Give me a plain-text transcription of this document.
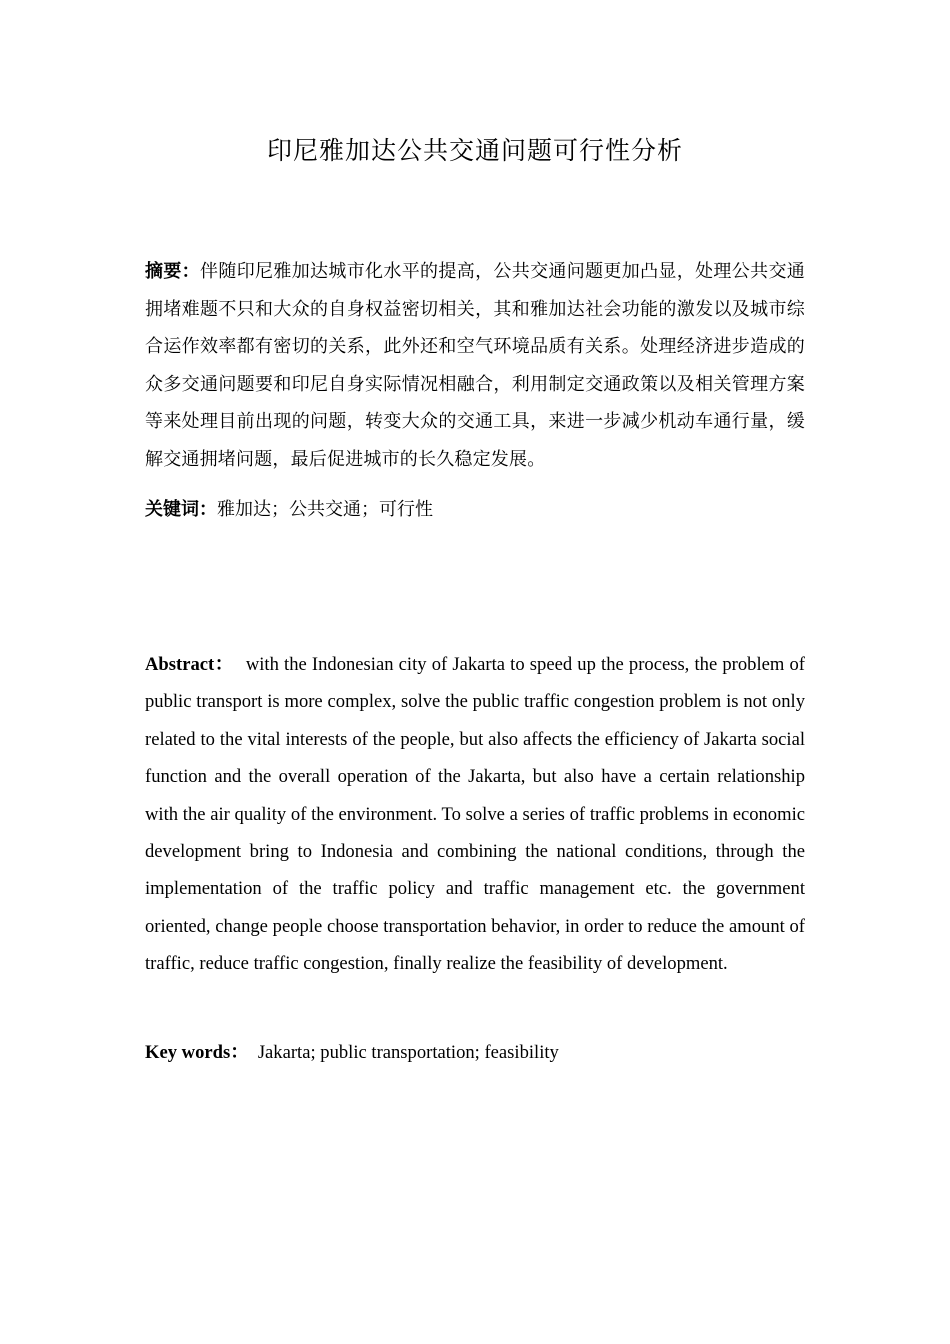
印尼雅加达公共交通问题可行性分析
摘要：伴随印尼雅加达城市化水平的提高，公共交通问题更加凸显，处理公共交通拥堵难题不只和大众的自身权益密切相关，其和雅加达社会功能的激发以及城市综合运作效率都有密切的关系，此外还和空气环境品质有关系。处理经济进步造成的众多交通问题要和印尼自身实际情况相融合，利用制定交通政策以及相关管理方案等来处理目前出现的问题，转变大众的交通工具，来进一步减少机动车通行量，缓解交通拥堵问题，最后促进城市的长久稳定发展。
关键词：雅加达；公共交通；可行性
Abstract： with the Indonesian city of Jakarta to speed up the process, the problem of public transport is more complex, solve the public traffic congestion problem is not only related to the vital interests of the people, but also affects the efficiency of Jakarta social function and the overall operation of the Jakarta, but also have a certain relationship with the air quality of the environment. To solve a series of traffic problems in economic development bring to Indonesia and combining the national conditions, through the implementation of the traffic policy and traffic management etc. the government oriented, change people choose transportation behavior, in order to reduce the amount of traffic, reduce traffic congestion, finally realize the feasibility of development.
Key words： Jakarta; public transportation; feasibility
